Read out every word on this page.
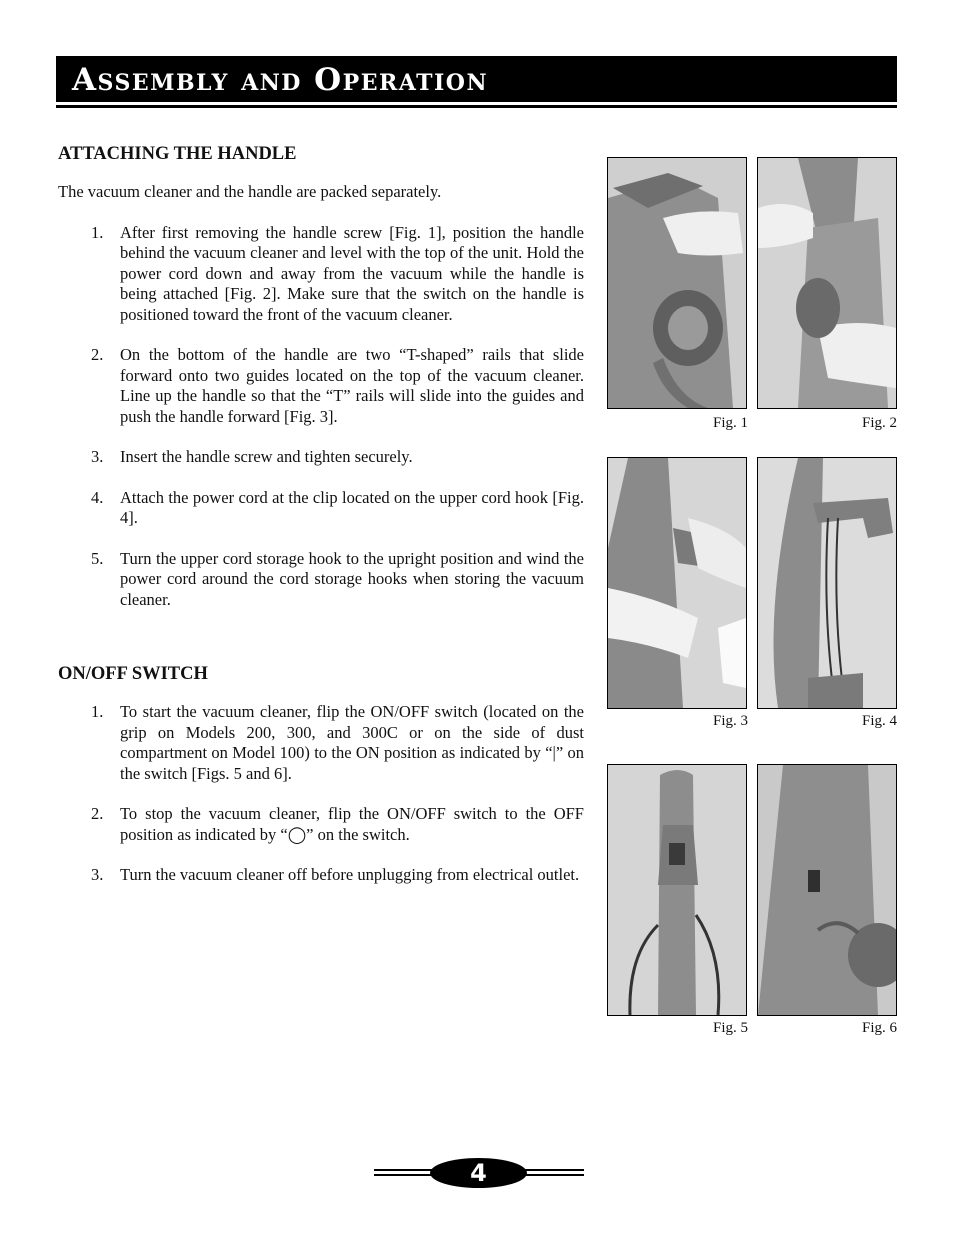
Assembly and Operation
ATTACHING THE HANDLE

The vacuum cleaner and the handle are packed separately.

1. After first removing the handle screw [Fig. 1], position the handle behind the vacuum cleaner and level with the top of the unit. Hold the power cord down and away from the vacuum while the handle is being attached [Fig. 2]. Make sure that the switch on the handle is positioned toward the front of the vacuum cleaner.
2. On the bottom of the handle are two “T-shaped” rails that slide forward onto two guides located on the top of the vacuum cleaner. Line up the handle so that the “T” rails will slide into the guides and push the handle forward [Fig. 3].
3. Insert the handle screw and tighten securely.
4. Attach the power cord at the clip located on the upper cord hook [Fig. 4].
5. Turn the upper cord storage hook to the upright position and wind the power cord around the cord storage hooks when storing the vacuum cleaner.
ON/OFF SWITCH
1. To start the vacuum cleaner, flip the ON/OFF switch (located on the grip on Models 200, 300, and 300C or on the side of dust compartment on Model 100) to the ON position as indicated by “|” on the switch [Figs. 5 and 6].
2. To stop the vacuum cleaner, flip the ON/OFF switch to the OFF position as indicated by “◯” on the switch.
3. Turn the vacuum cleaner off before unplugging from electrical outlet.
Fig. 1	Fig. 2
Fig. 3	Fig. 4
Fig. 5	Fig. 6
4
